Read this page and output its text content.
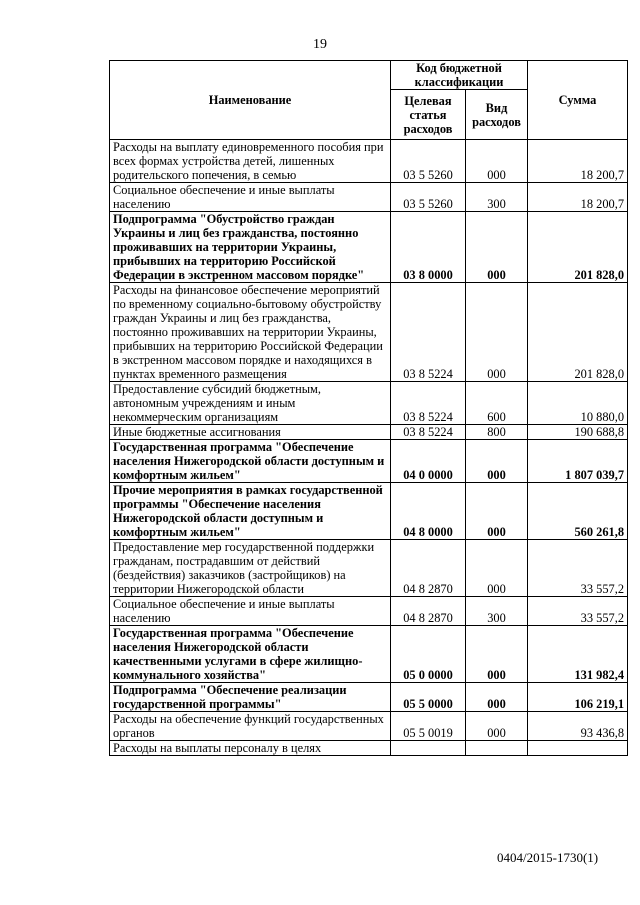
19
Наименование	Код бюджетной классификации		Сумма
	Целевая статья расходов	Вид расходов	
Расходы на выплату единовременного пособия при всех формах устройства детей, лишенных родительского попечения, в семью	03 5 5260	000	18 200,7
Социальное обеспечение и иные выплаты населению	03 5 5260	300	18 200,7
Подпрограмма "Обустройство граждан Украины и лиц без гражданства, постоянно проживавших на территории Украины, прибывших на территорию Российской Федерации в экстренном массовом порядке"	03 8 0000	000	201 828,0
Расходы на финансовое обеспечение мероприятий по временному социально-бытовому обустройству граждан Украины и лиц без гражданства, постоянно проживавших на территории Украины, прибывших на территорию Российской Федерации в экстренном массовом порядке и находящихся в пунктах временного размещения	03 8 5224	000	201 828,0
Предоставление субсидий бюджетным, автономным учреждениям и иным некоммерческим организациям	03 8 5224	600	10 880,0
Иные бюджетные ассигнования	03 8 5224	800	190 688,8
Государственная программа "Обеспечение населения Нижегородской области доступным и комфортным жильем"	04 0 0000	000	1 807 039,7
Прочие мероприятия в рамках государственной программы "Обеспечение населения Нижегородской области доступным и комфортным жильем"	04 8 0000	000	560 261,8
Предоставление мер государственной поддержки гражданам, пострадавшим от действий (бездействия) заказчиков (застройщиков) на территории Нижегородской области	04 8 2870	000	33 557,2
Социальное обеспечение и иные выплаты населению	04 8 2870	300	33 557,2
Государственная программа "Обеспечение населения Нижегородской области качественными услугами в сфере жилищно-коммунального хозяйства"	05 0 0000	000	131 982,4
Подпрограмма "Обеспечение реализации государственной программы"	05 5 0000	000	106 219,1
Расходы на обеспечение функций государственных органов	05 5 0019	000	93 436,8
Расходы на выплаты персоналу в целях			
0404/2015-1730(1)
